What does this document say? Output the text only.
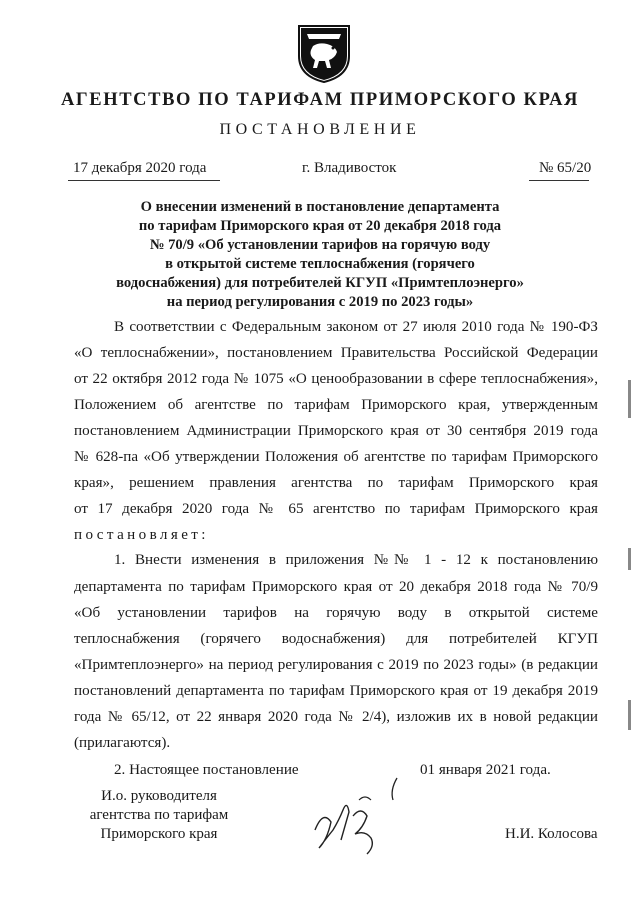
АГЕНТСТВО ПО ТАРИФАМ ПРИМОРСКОГО КРАЯ
ПОСТАНОВЛЕНИЕ
17 декабря 2020 года	г. Владивосток	№ 65/20
О внесении изменений в постановление департамента
по тарифам Приморского края от 20 декабря 2018 года
№ 70/9 «Об установлении тарифов на горячую воду
в открытой системе теплоснабжения (горячего
водоснабжения) для потребителей КГУП «Примтеплоэнерго»
на период регулирования с 2019 по 2023 годы»
В соответствии с Федеральным законом от 27 июля 2010 года № 190-ФЗ
«О теплоснабжении», постановлением Правительства Российской Федерации
от 22 октября 2012 года № 1075 «О ценообразовании в сфере теплоснабжения»,
Положением об агентстве по тарифам Приморского края, утвержденным
постановлением Администрации Приморского края от 30 сентября 2019 года
№ 628-па «Об утверждении Положения об агентстве по тарифам Приморского
края», решением правления агентства по тарифам Приморского края
от 17 декабря 2020 года № 65 агентство по тарифам Приморского края
постановляет:
1. Внести изменения в приложения №№ 1 - 12 к постановлению
департамента по тарифам Приморского края от 20 декабря 2018 года № 70/9
«Об установлении тарифов на горячую воду в открытой системе
теплоснабжения (горячего водоснабжения) для потребителей КГУП
«Примтеплоэнерго» на период регулирования с 2019 по 2023 годы» (в редакции
постановлений департамента по тарифам Приморского края от 19 декабря 2019
года № 65/12, от 22 января 2020 года № 2/4), изложив их в новой редакции
(прилагаются).
2. Настоящее постановление	01 января 2021 года.
И.о. руководителя
агентства по тарифам
Приморского края	Н.И. Колосова
